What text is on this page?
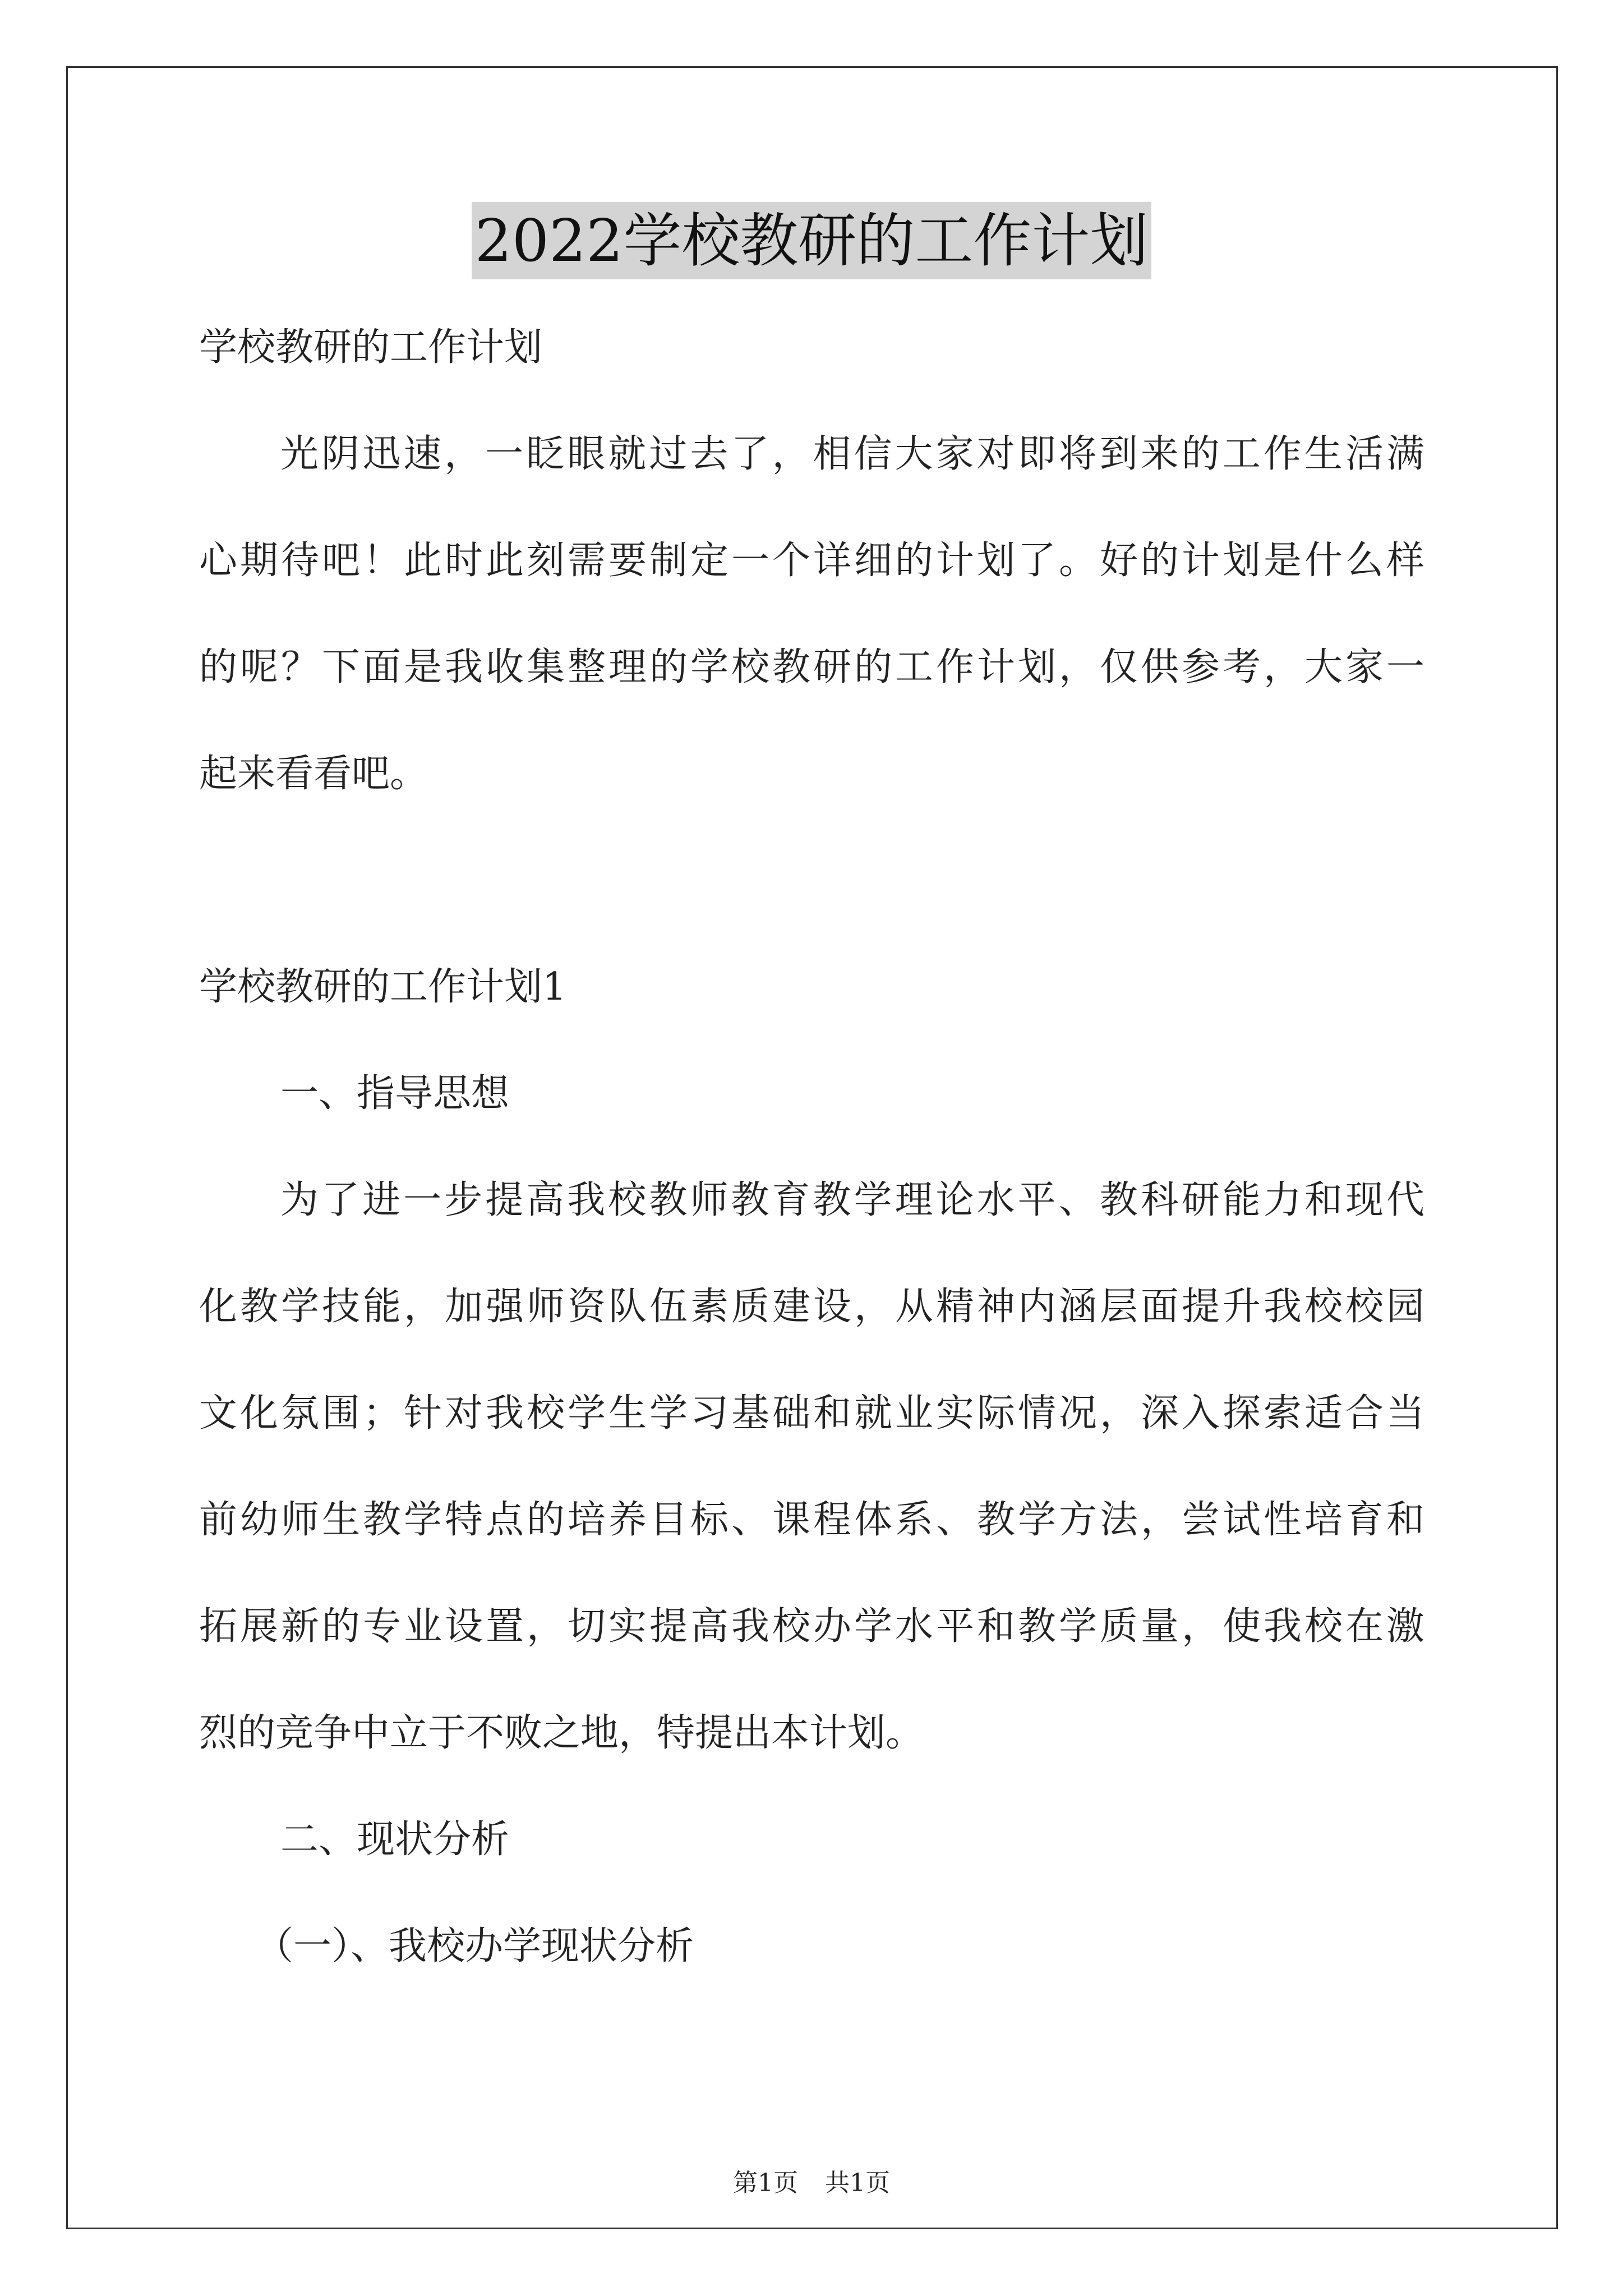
2022学校教研的工作计划
学校教研的工作计划
光阴迅速，一眨眼就过去了，相信大家对即将到来的工作生活满
心期待吧！此时此刻需要制定一个详细的计划了。好的计划是什么样
的呢？下面是我收集整理的学校教研的工作计划，仅供参考，大家一
起来看看吧。
学校教研的工作计划1
一、指导思想
为了进一步提高我校教师教育教学理论水平、教科研能力和现代
化教学技能，加强师资队伍素质建设，从精神内涵层面提升我校校园
文化氛围；针对我校学生学习基础和就业实际情况，深入探索适合当
前幼师生教学特点的培养目标、课程体系、教学方法，尝试性培育和
拓展新的专业设置，切实提高我校办学水平和教学质量，使我校在激
烈的竞争中立于不败之地，特提出本计划。
二、现状分析
（一）、我校办学现状分析
第1页 共1页
